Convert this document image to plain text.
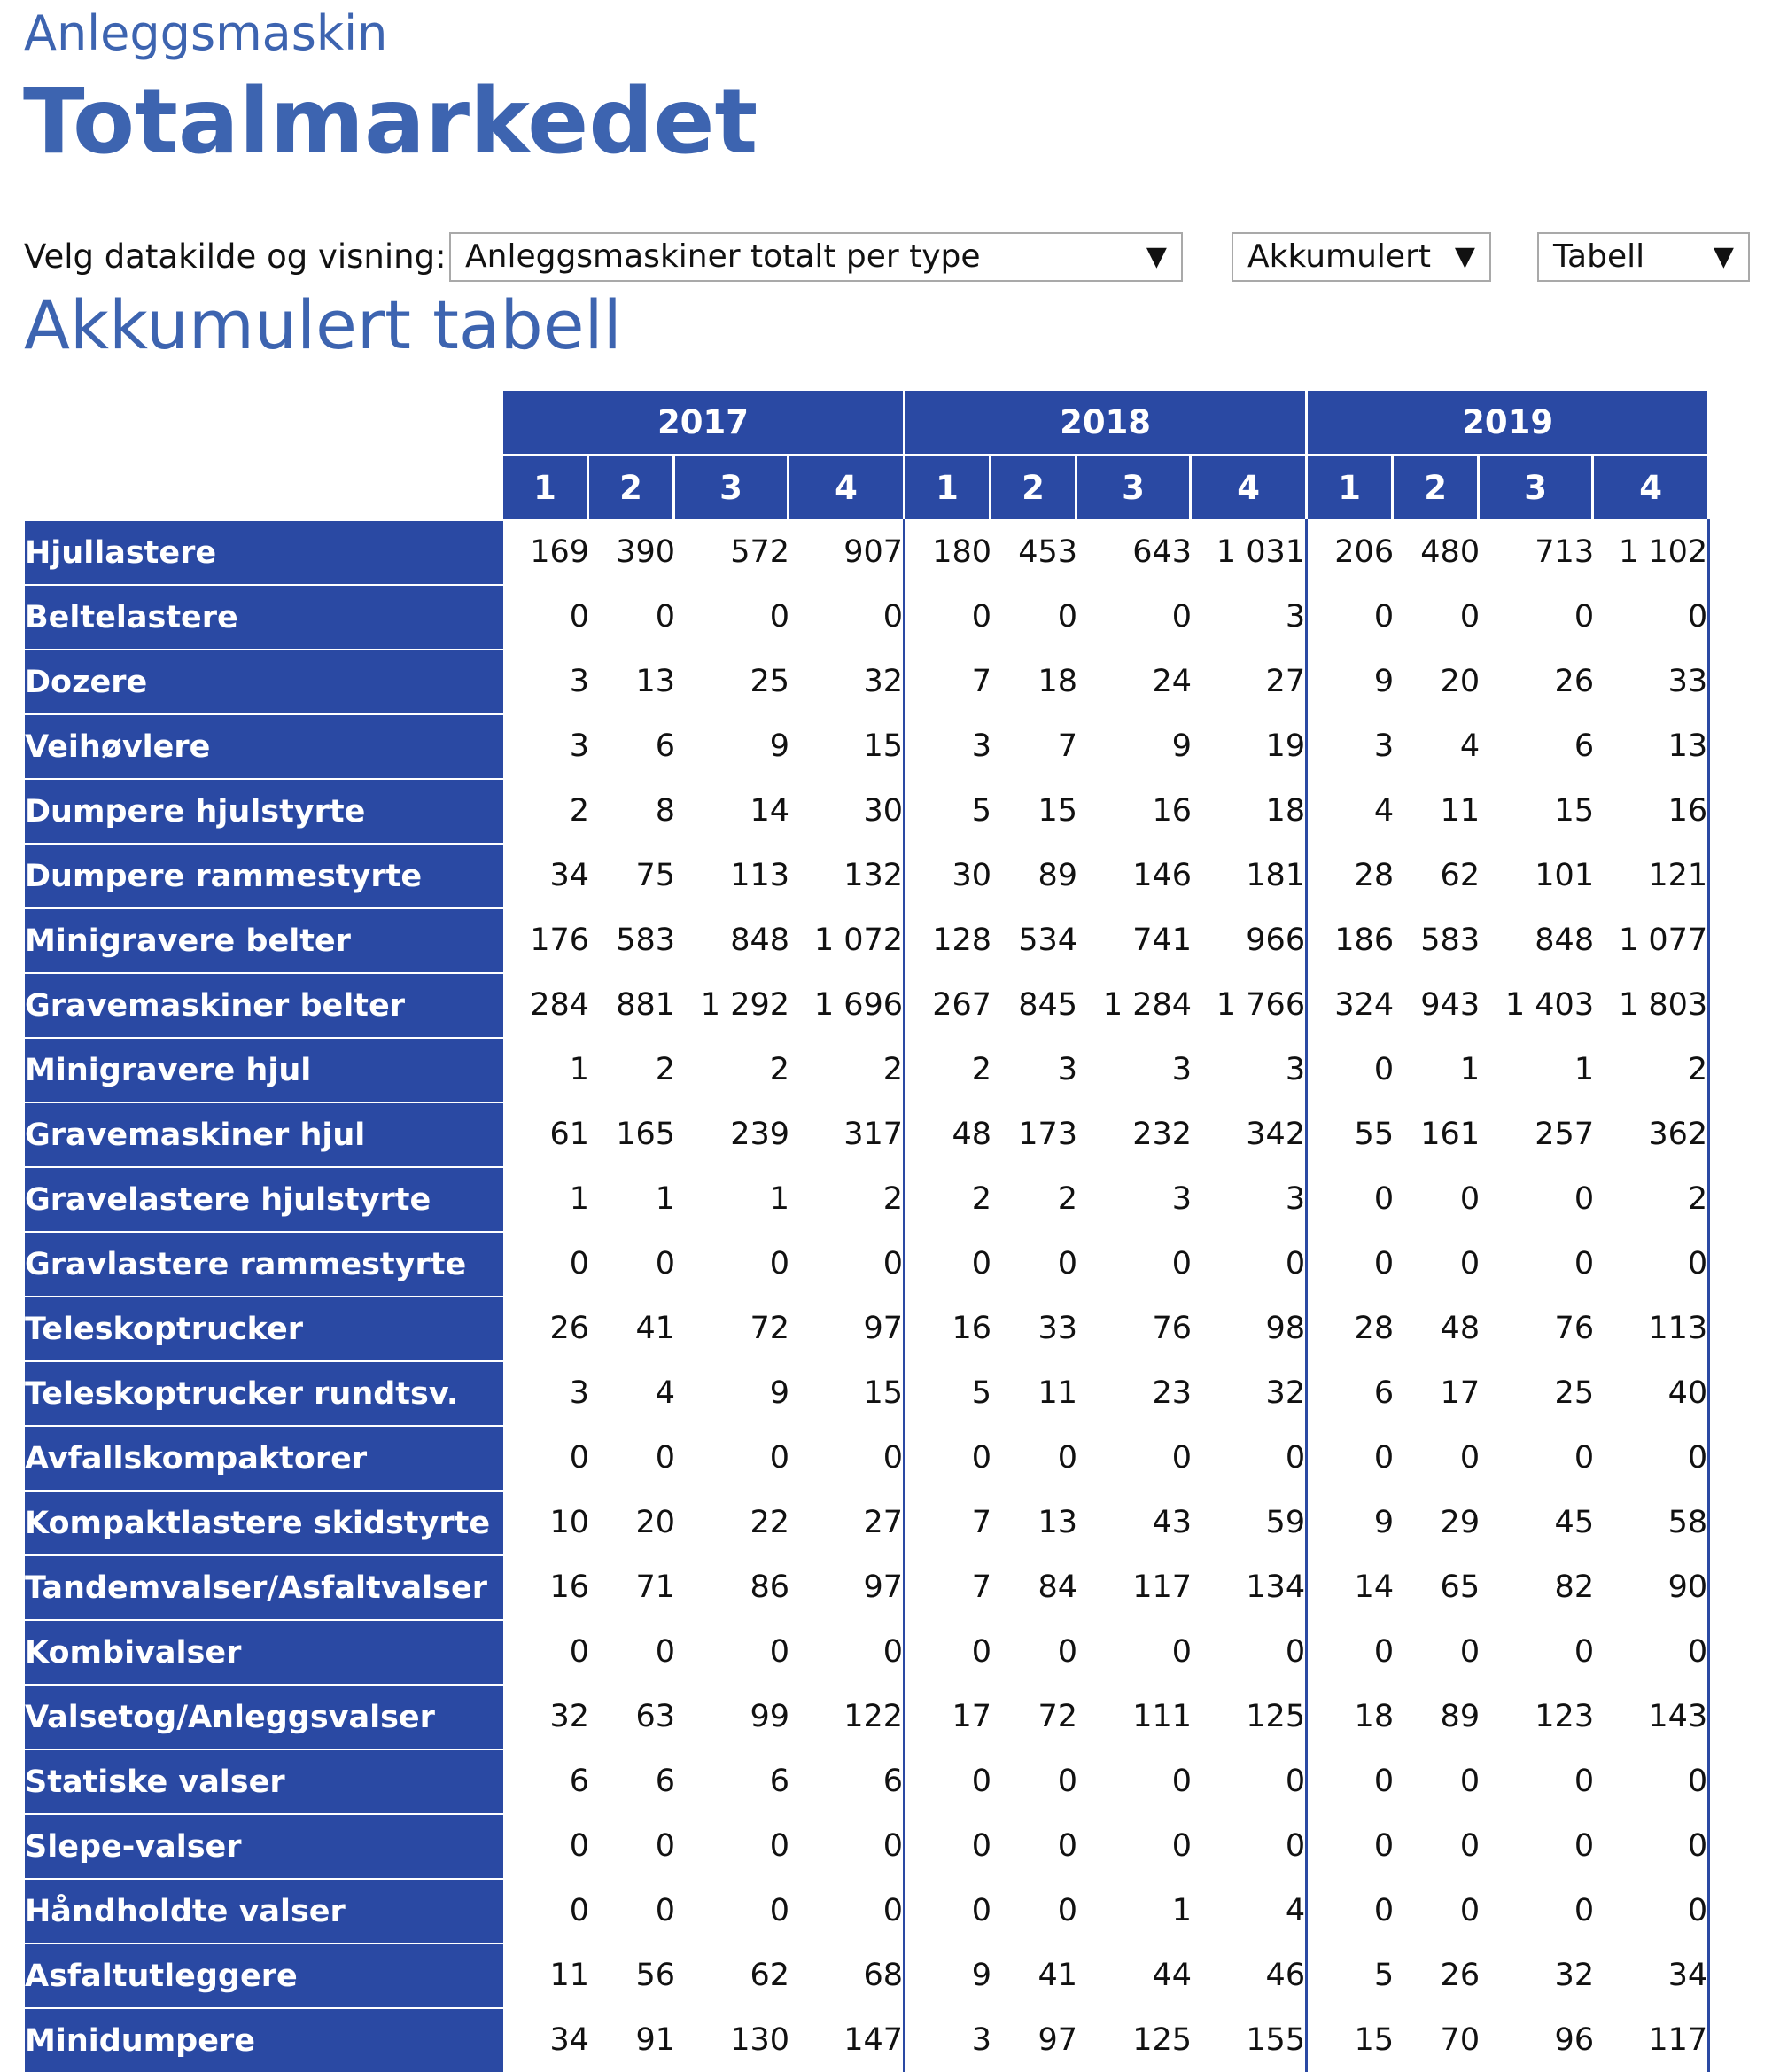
Anleggsmaskin
Totalmarkedet
Velg datakilde og visning: Anleggsmaskiner totalt per type	▼	Akkumulert ▼	Tabell	▼
Akkumulert tabell
	2017				2018				2019			
	1	2	3	4	1	2	3	4	1	2	3	4
Hjullastere	169	390	572	907	180	453	643	1 031	206	480	713	1 102
Beltelastere	0	0	0	0	0	0	0	3	0	0	0	0
Dozere	3	13	25	32	7	18	24	27	9	20	26	33
Veihøvlere	3	6	9	15	3	7	9	19	3	4	6	13
Dumpere hjulstyrte	2	8	14	30	5	15	16	18	4	11	15	16
Dumpere rammestyrte	34	75	113	132	30	89	146	181	28	62	101	121
Minigravere belter	176	583	848	1 072	128	534	741	966	186	583	848	1 077
Gravemaskiner belter	284	881	1 292	1 696	267	845	1 284	1 766	324	943	1 403	1 803
Minigravere hjul	1	2	2	2	2	3	3	3	0	1	1	2
Gravemaskiner hjul	61	165	239	317	48	173	232	342	55	161	257	362
Gravelastere hjulstyrte	1	1	1	2	2	2	3	3	0	0	0	2
Gravlastere rammestyrte	0	0	0	0	0	0	0	0	0	0	0	0
Teleskoptrucker	26	41	72	97	16	33	76	98	28	48	76	113
Teleskoptrucker rundtsv.	3	4	9	15	5	11	23	32	6	17	25	40
Avfallskompaktorer	0	0	0	0	0	0	0	0	0	0	0	0
Kompaktlastere skidstyrte	10	20	22	27	7	13	43	59	9	29	45	58
Tandemvalser/Asfaltvalser	16	71	86	97	7	84	117	134	14	65	82	90
Kombivalser	0	0	0	0	0	0	0	0	0	0	0	0
Valsetog/Anleggsvalser	32	63	99	122	17	72	111	125	18	89	123	143
Statiske valser	6	6	6	6	0	0	0	0	0	0	0	0
Slepe-valser	0	0	0	0	0	0	0	0	0	0	0	0
Håndholdte valser	0	0	0	0	0	0	1	4	0	0	0	0
Asfaltutleggere	11	56	62	68	9	41	44	46	5	26	32	34
Minidumpere	34	91	130	147	3	97	125	155	15	70	96	117
